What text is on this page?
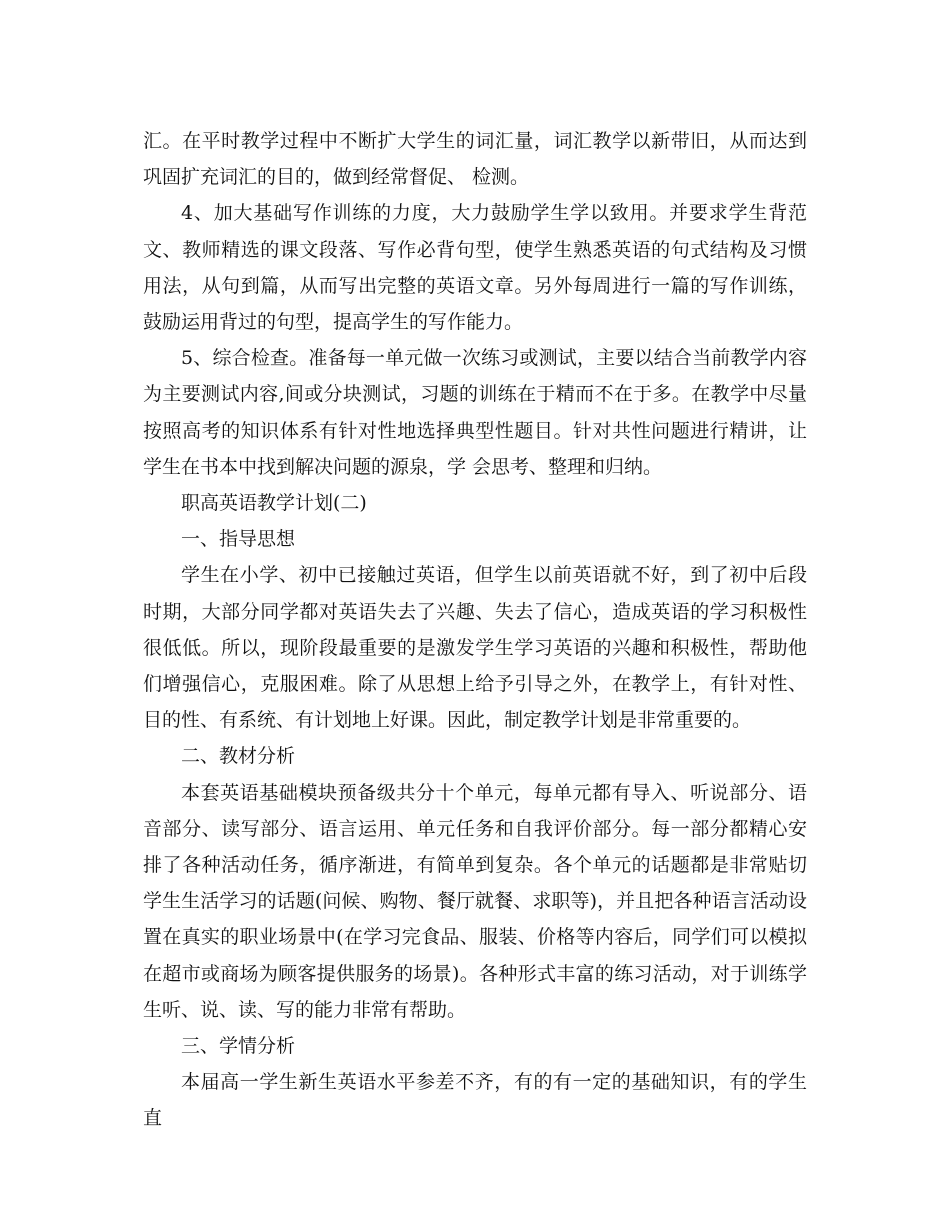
汇。在平时教学过程中不断扩大学生的词汇量，词汇教学以新带旧，从而达到巩固扩充词汇的目的，做到经常督促、 检测。

4、加大基础写作训练的力度，大力鼓励学生学以致用。并要求学生背范文、教师精选的课文段落、写作必背句型，使学生熟悉英语的句式结构及习惯用法，从句到篇，从而写出完整的英语文章。另外每周进行一篇的写作训练，鼓励运用背过的句型，提高学生的写作能力。

5、综合检查。准备每一单元做一次练习或测试，主要以结合当前教学内容为主要测试内容,间或分块测试，习题的训练在于精而不在于多。在教学中尽量按照高考的知识体系有针对性地选择典型性题目。针对共性问题进行精讲，让学生在书本中找到解决问题的源泉，学 会思考、整理和归纳。

职高英语教学计划(二)

一、指导思想

学生在小学、初中已接触过英语，但学生以前英语就不好，到了初中后段时期，大部分同学都对英语失去了兴趣、失去了信心，造成英语的学习积极性很低低。所以，现阶段最重要的是激发学生学习英语的兴趣和积极性，帮助他们增强信心，克服困难。除了从思想上给予引导之外，在教学上，有针对性、目的性、有系统、有计划地上好课。因此，制定教学计划是非常重要的。

二、教材分析

本套英语基础模块预备级共分十个单元，每单元都有导入、听说部分、语音部分、读写部分、语言运用、单元任务和自我评价部分。每一部分都精心安排了各种活动任务，循序渐进，有简单到复杂。各个单元的话题都是非常贴切学生生活学习的话题(问候、购物、餐厅就餐、求职等)，并且把各种语言活动设置在真实的职业场景中(在学习完食品、服装、价格等内容后，同学们可以模拟在超市或商场为顾客提供服务的场景)。各种形式丰富的练习活动，对于训练学生听、说、读、写的能力非常有帮助。

三、学情分析

本届高一学生新生英语水平参差不齐，有的有一定的基础知识，有的学生直
